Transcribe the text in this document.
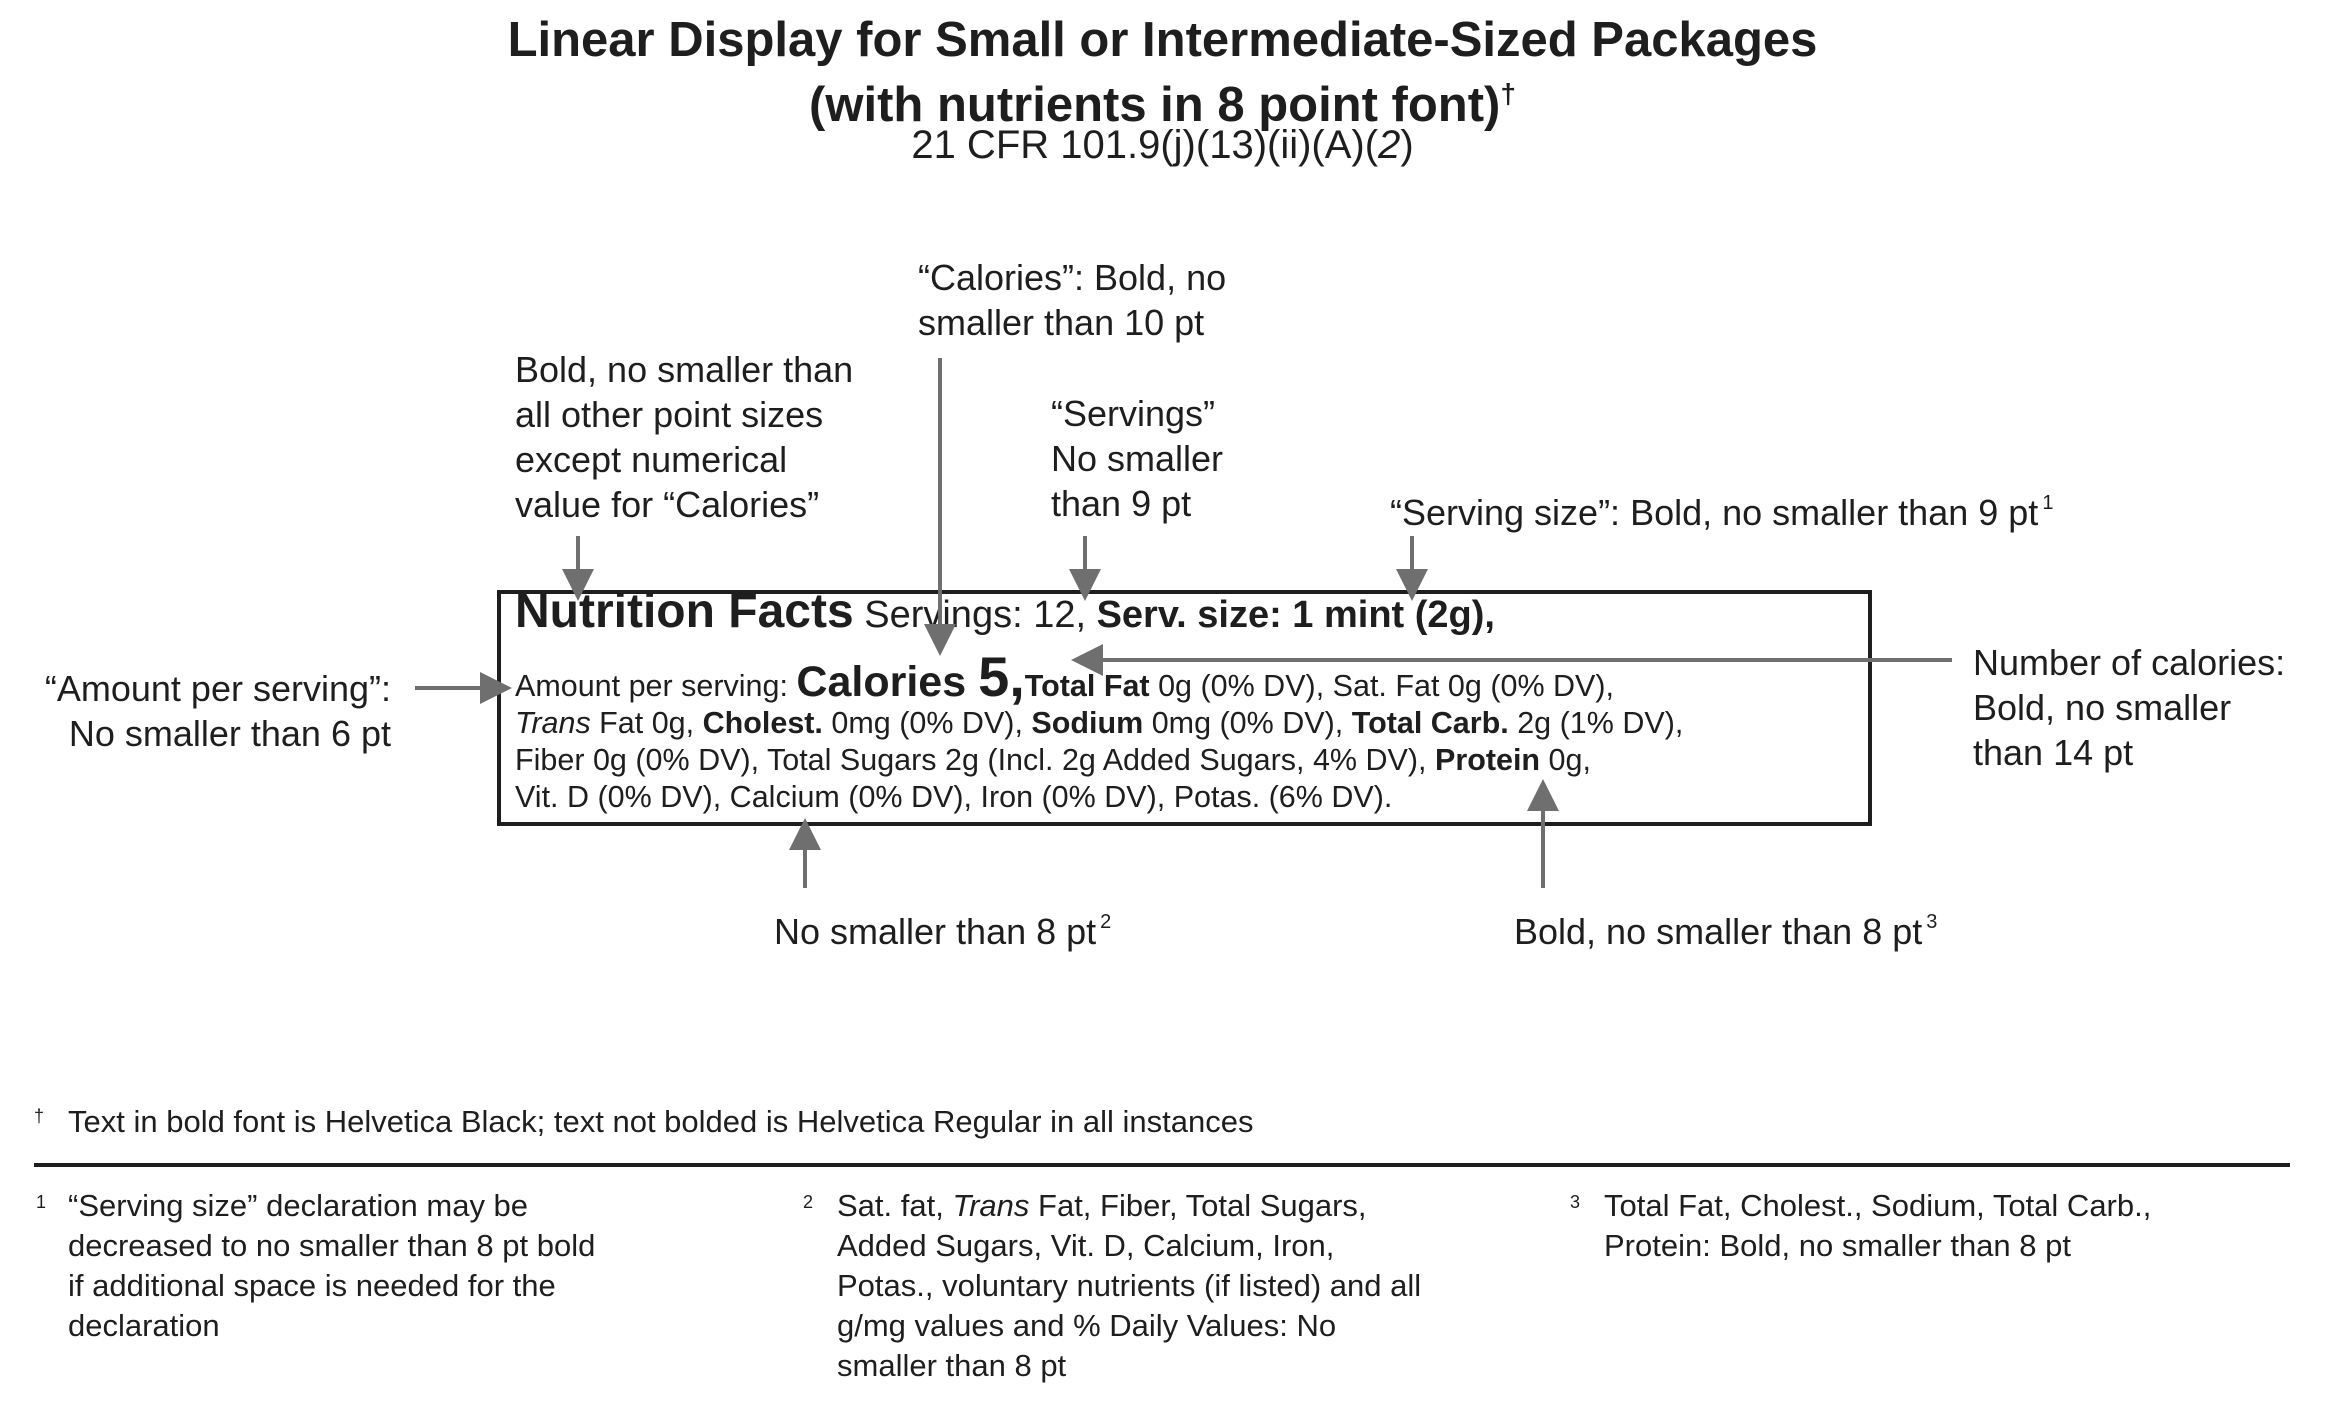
Linear Display for Small or Intermediate-Sized Packages
(with nutrients in 8 point font)†
21 CFR 101.9(j)(13)(ii)(A)(2)
“Calories”: Bold, no
smaller than 10 pt
Bold, no smaller than
all other point sizes
except numerical
value for “Calories”
“Servings”
No smaller
than 9 pt	“Serving size”: Bold, no smaller than 9 pt $^1$
“Amount per serving”:
No smaller than 6 pt
Number of calories:
Bold, no smaller
than 14 pt
No smaller than 8 pt $^2$	Bold, no smaller than 8 pt $^3$
Nutrition Facts Servings: 12, Serv. size: 1 mint (2g),
Amount per serving: Calories 5,Total Fat 0g (0% DV), Sat. Fat 0g (0% DV),
Trans Fat 0g, Cholest. 0mg (0% DV), Sodium 0mg (0% DV), Total Carb. 2g (1% DV),
Fiber 0g (0% DV), Total Sugars 2g (Incl. 2g Added Sugars, 4% DV), Protein 0g,
Vit. D (0% DV), Calcium (0% DV), Iron (0% DV), Potas. (6% DV).
† Text in bold font is Helvetica Black; text not bolded is Helvetica Regular in all instances
1 “Serving size” declaration may be
decreased to no smaller than 8 pt bold
if additional space is needed for the
declaration
2 Sat. fat, Trans Fat, Fiber, Total Sugars,
Added Sugars, Vit. D, Calcium, Iron,
Potas., voluntary nutrients (if listed) and all
g/mg values and % Daily Values: No
smaller than 8 pt
3 Total Fat, Cholest., Sodium, Total Carb.,
Protein: Bold, no smaller than 8 pt
